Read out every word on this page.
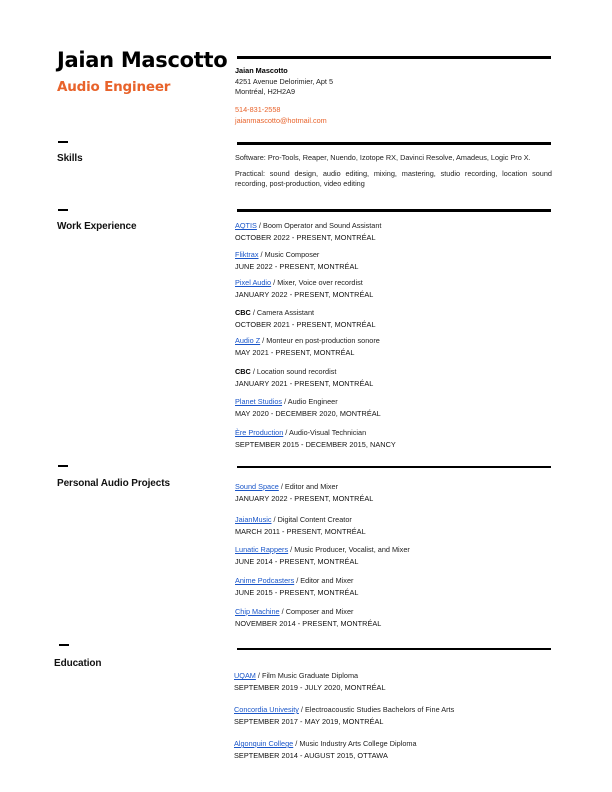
Jaian Mascotto
Audio Engineer
Jaian Mascotto
4251 Avenue Delorimier, Apt 5
Montréal, H2H2A9
514-831-2558
jaianmascotto@hotmail.com
Skills	Software: Pro-Tools, Reaper, Nuendo, Izotope RX, Davinci Resolve, Amadeus, Logic Pro X.

Practical: sound design, audio editing, mixing, mastering, studio recording, location sound recording, post-production, video editing

Work Experience	AQTIS / Boom Operator and Sound Assistant
OCTOBER 2022 - PRESENT, MONTRÉAL
Fliktrax / Music Composer
JUNE 2022 - PRESENT, MONTRÉAL
Pixel Audio / Mixer, Voice over recordist
JANUARY 2022 - PRESENT, MONTRÉAL
CBC / Camera Assistant
OCTOBER 2021 - PRESENT, MONTRÉAL
Audio Z / Monteur en post-production sonore
MAY 2021 - PRESENT, MONTRÉAL
CBC / Location sound recordist
JANUARY 2021 - PRESENT, MONTRÉAL
Planet Studios / Audio Engineer
MAY 2020 - DECEMBER 2020, MONTRÉAL
Ère Production / Audio-Visual Technician
SEPTEMBER 2015 - DECEMBER 2015, NANCY
Personal Audio Projects	Sound Space / Editor and Mixer
JANUARY 2022 - PRESENT, MONTRÉAL
JaianMusic / Digital Content Creator
MARCH 2011 - PRESENT, MONTRÉAL
Lunatic Rappers / Music Producer, Vocalist, and Mixer
JUNE 2014 - PRESENT, MONTRÉAL
Anime Podcasters / Editor and Mixer
JUNE 2015 - PRESENT, MONTRÉAL
Chip Machine / Composer and Mixer
NOVEMBER 2014 - PRESENT, MONTRÉAL
Education
UQAM / Film Music Graduate Diploma
SEPTEMBER 2019 - JULY 2020, MONTRÉAL
Concordia Univesity / Electroacoustic Studies Bachelors of Fine Arts
SEPTEMBER 2017 - MAY 2019, MONTRÉAL
Algonquin College / Music Industry Arts College Diploma
SEPTEMBER 2014 - AUGUST 2015, OTTAWA
